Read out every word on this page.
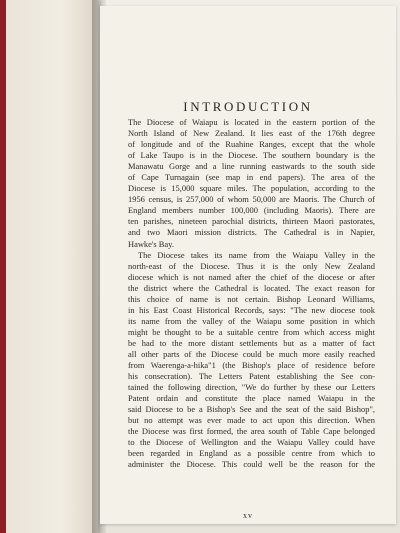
INTRODUCTION
The Diocese of Waiapu is located in the eastern portion of the
North Island of New Zealand. It lies east of the 176th degree
of longitude and of the Ruahine Ranges, except that the whole
of Lake Taupo is in the Diocese. The southern boundary is the
Manawatu Gorge and a line running eastwards to the south side
of Cape Turnagain (see map in end papers). The area of the
Diocese is 15,000 square miles. The population, according to the
1956 census, is 257,000 of whom 50,000 are Maoris. The Church of
England members number 100,000 (including Maoris). There are
ten parishes, nineteen parochial districts, thirteen Maori pastorates,
and two Maori mission districts. The Cathedral is in Napier,
Hawke's Bay.
The Diocese takes its name from the Waiapu Valley in the
north-east of the Diocese. Thus it is the only New Zealand
diocese which is not named after the chief of the diocese or after
the district where the Cathedral is located. The exact reason for
this choice of name is not certain. Bishop Leonard Williams,
in his East Coast Historical Records, says: "The new diocese took
its name from the valley of the Waiapu some position in which
might be thought to be a suitable centre from which access might
be had to the more distant settlements but as a matter of fact
all other parts of the Diocese could be much more easily reached
from Waerenga-a-hika"1 (the Bishop's place of residence before
his consecration). The Letters Patent establishing the See con-
tained the following direction, "We do further by these our Letters
Patent ordain and constitute the place named Waiapu in the
said Diocese to be a Bishop's See and the seat of the said Bishop",
but no attempt was ever made to act upon this direction. When
the Diocese was first formed, the area south of Table Cape belonged
to the Diocese of Wellington and the Waiapu Valley could have
been regarded in England as a possible centre from which to
administer the Diocese. This could well be the reason for the
xv
